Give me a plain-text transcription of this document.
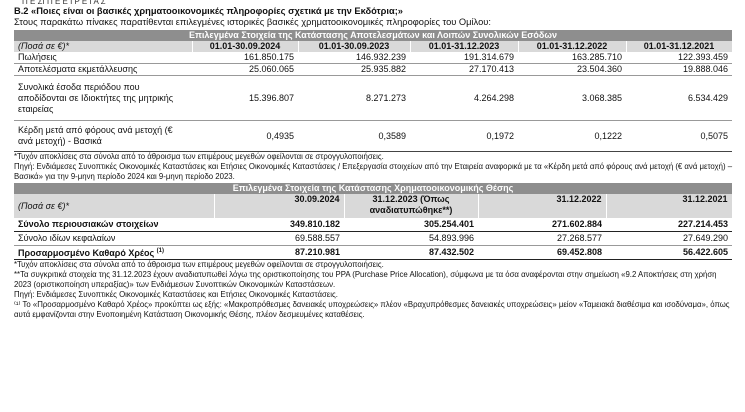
Π Ε ΣΙ Π Ε Ε Ι Ρ Ε Ι Α Σ
B.2 «Ποιες είναι οι βασικές χρηματοοικονομικές πληροφορίες σχετικά με την Εκδότρια;»
Στους παρακάτω πίνακες παρατίθενται επιλεγμένες ιστορικές βασικές χρηματοοικονομικές πληροφορίες του Ομίλου:
Επιλεγμένα Στοιχεία της Κατάστασης Αποτελεσμάτων και Λοιπών Συνολικών Εσόδων					
(Ποσά σε €)*	01.01-30.09.2024	01.01-30.09.2023	01.01-31.12.2023	01.01-31.12.2022	01.01-31.12.2021
Πωλήσεις	161.850.175	146.932.239	191.314.679	163.285.710	122.393.459
Αποτελέσματα εκμετάλλευσης	25.060.065	25.935.882	27.170.413	23.504.360	19.888.046
Συνολικά έσοδα περιόδου που αποδίδονται σε Ιδιοκτήτες της μητρικής εταιρείας	15.396.807	8.271.273	4.264.298	3.068.385	6.534.429
Κέρδη μετά από φόρους ανά μετοχή (€ ανά μετοχή) - Βασικά	0,4935	0,3589	0,1972	0,1222	0,5075
*Τυχόν αποκλίσεις στα σύνολα από το άθροισμα των επιμέρους μεγεθών οφείλονται σε στρογγυλοποιήσεις.
Πηγή: Ενδιάμεσες Συνοπτικές Οικονομικές Καταστάσεις και Ετήσιες Οικονομικές Καταστάσεις / Επεξεργασία στοιχείων από την Εταιρεία αναφορικά με τα «Κέρδη μετά από φόρους ανά μετοχή (€ ανά μετοχή) – Βασικά» για την 9-μηνη περίοδο 2024 και 9-μηνη περίοδο 2023.
Επιλεγμένα Στοιχεία της Κατάστασης Χρηματοοικονομικής Θέσης				
(Ποσά σε €)*	30.09.2024	31.12.2023 (Όπως αναδιατυπώθηκε**)	31.12.2022	31.12.2021
Σύνολο περιουσιακών στοιχείων	349.810.182	305.254.401	271.602.884	227.214.453
Σύνολο ιδίων κεφαλαίων	69.588.557	54.893.996	27.268.577	27.649.290
Προσαρμοσμένο Καθαρό Χρέος $^{(1)}$	87.210.981	87.432.502	69.452.808	56.422.605
*Τυχόν αποκλίσεις στα σύνολα από το άθροισμα των επιμέρους μεγεθών οφείλονται σε στρογγυλοποιήσεις.
**Τα συγκριτικά στοιχεία της 31.12.2023 έχουν αναδιατυπωθεί λόγω της οριστικοποίησης του PPA (Purchase Price Allocation), σύμφωνα με τα όσα αναφέρονται στην σημείωση «9.2 Αποκτήσεις στη χρήση 2023 (οριστικοποίηση υπεραξίας)» των Ενδιάμεσων Συνοπτικών Οικονομικών Καταστάσεων.
Πηγή: Ενδιάμεσες Συνοπτικές Οικονομικές Καταστάσεις και Ετήσιες Οικονομικές Καταστάσεις.
⁽¹⁾ Το «Προσαρμοσμένο Καθαρό Χρέος» προκύπτει ως εξής: «Μακροπρόθεσμες δανειακές υποχρεώσεις» πλέον «Βραχυπρόθεσμες δανειακές υποχρεώσεις» μείον «Ταμειακά διαθέσιμα και ισοδύναμα», όπως αυτά εμφανίζονται στην Ενοποιημένη Κατάσταση Οικονομικής Θέσης, πλέον δεσμευμένες καταθέσεις.
